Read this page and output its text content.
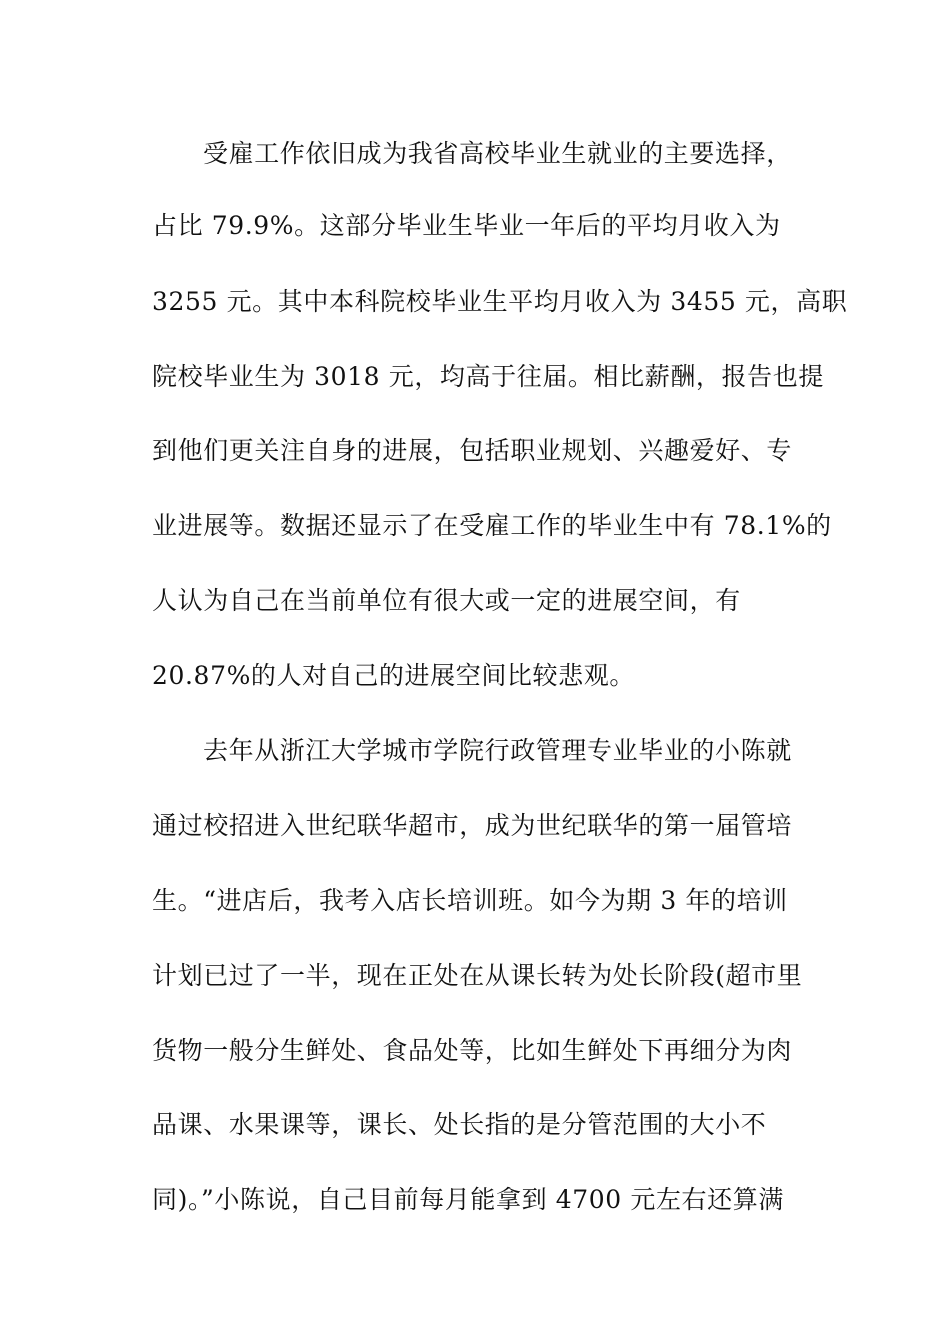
受雇工作依旧成为我省高校毕业生就业的主要选择，

占比 79.9%。这部分毕业生毕业一年后的平均月收入为

3255 元。其中本科院校毕业生平均月收入为 3455 元，高职

院校毕业生为 3018 元，均高于往届。相比薪酬，报告也提

到他们更关注自身的进展，包括职业规划、兴趣爱好、专

业进展等。数据还显示了在受雇工作的毕业生中有 78.1%的

人认为自己在当前单位有很大或一定的进展空间，有

20.87%的人对自己的进展空间比较悲观。

去年从浙江大学城市学院行政管理专业毕业的小陈就

通过校招进入世纪联华超市，成为世纪联华的第一届管培

生。“进店后，我考入店长培训班。如今为期 3 年的培训

计划已过了一半，现在正处在从课长转为处长阶段(超市里

货物一般分生鲜处、食品处等，比如生鲜处下再细分为肉

品课、水果课等，课长、处长指的是分管范围的大小不

同)。”小陈说，自己目前每月能拿到 4700 元左右还算满
